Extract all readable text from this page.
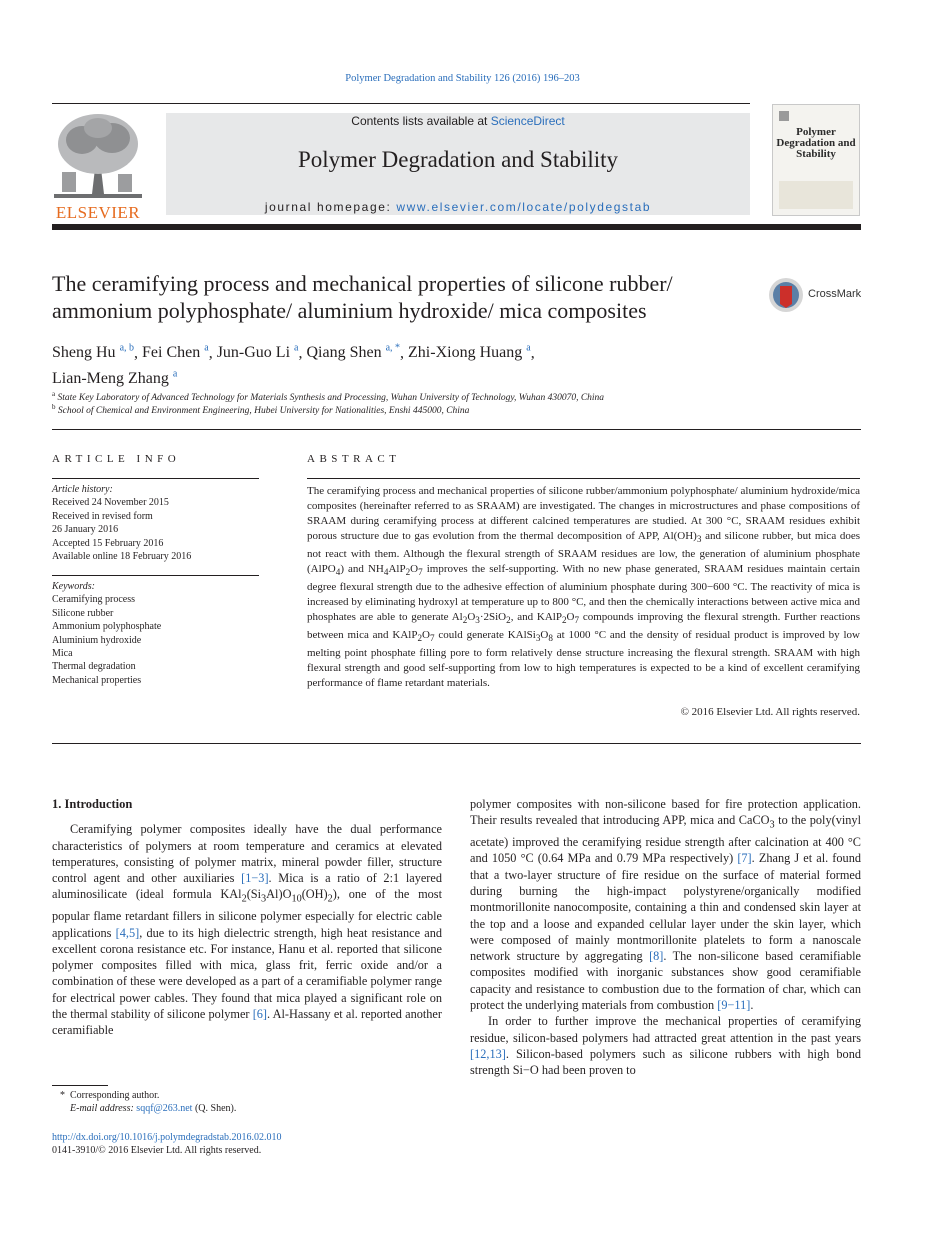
Polymer Degradation and Stability 126 (2016) 196–203
ELSEVIER
Contents lists available at ScienceDirect
Polymer Degradation and Stability
journal homepage: www.elsevier.com/locate/polydegstab
Polymer Degradation and Stability
The ceramifying process and mechanical properties of silicone rubber/
ammonium polyphosphate/ aluminium hydroxide/ mica composites
CrossMark
Sheng Hu $^{a, b}$, Fei Chen $^a$, Jun-Guo Li $^a$, Qiang Shen $^{a, *}$, Zhi-Xiong Huang $^a$,
Lian-Meng Zhang $^a$
$^a$ State Key Laboratory of Advanced Technology for Materials Synthesis and Processing, Wuhan University of Technology, Wuhan 430070, China
$^b$ School of Chemical and Environment Engineering, Hubei University for Nationalities, Enshi 445000, China
ARTICLE INFO
Article history:
Received 24 November 2015
Received in revised form
26 January 2016
Accepted 15 February 2016
Available online 18 February 2016
Keywords:
Ceramifying process
Silicone rubber
Ammonium polyphosphate
Aluminium hydroxide
Mica
Thermal degradation
Mechanical properties
ABSTRACT
The ceramifying process and mechanical properties of silicone rubber/ammonium polyphosphate/ aluminium hydroxide/mica composites (hereinafter referred to as SRAAM) are investigated. The changes in microstructures and phase compositions of SRAAM during ceramifying process at different calcined temperatures are studied. At 300 °C, SRAAM residues exhibit porous structure due to gas evolution from the thermal decomposition of APP, $Al(OH)_3$ and silicone rubber, but mica does not react with them. Although the flexural strength of SRAAM residues are low, the generation of aluminium phosphate (AlPO$_4$) and $NH_4AlP_2O_7$ improves the self-supporting. With no new phase generated, SRAAM residues maintain certain degree flexural strength due to the adhesive effection of aluminium phosphate during 300−600 °C. The reactivity of mica is increased by eliminating hydroxyl at temperature up to 800 °C, and then the chemically interactions between active mica and phosphates are able to generate $Al_2O_3\cdot 2SiO_2$, and $KAlP_2O_7$ compounds improving the flexural strength. Further reactions between mica and $KAlP_2O_7$ could generate $KAlSi_3O_8$ at 1000 °C and the density of residual product is improved by low melting point phosphate filling pore to form relatively dense structure increasing the flexural strength. SRAAM with high flexural strength and good self-supporting from low to high temperatures is expected to be a kind of excellent ceramifying performance of flame retardant materials.
© 2016 Elsevier Ltd. All rights reserved.
1. Introduction

Ceramifying polymer composites ideally have the dual performance characteristics of polymers at room temperature and ceramics at elevated temperatures, consisting of polymer matrix, mineral powder filler, structure control agent and other auxiliaries [1−3]. Mica is a ratio of 2:1 layered aluminosilicate (ideal formula $KAl_2(Si_3Al)O_{10}(OH)_2$), one of the most popular flame retardant fillers in silicone polymer especially for electric cable applications [4,5], due to its high dielectric strength, high heat resistance and excellent corona resistance etc. For instance, Hanu et al. reported that silicone polymer composites filled with mica, glass frit, ferric oxide and/or a combination of these were developed as a part of a ceramifiable polymer range for electrical power cables. They found that mica played a significant role on the thermal stability of silicone polymer [6]. Al-Hassany et al. reported another ceramifiable

polymer composites with non-silicone based for fire protection application. Their results revealed that introducing APP, mica and CaCO$_3$ to the poly(vinyl acetate) improved the ceramifying residue strength after calcination at 400 °C and 1050 °C (0.64 MPa and 0.79 MPa respectively) [7]. Zhang J et al. found that a two-layer structure of fire residue on the surface of material formed during burning the high-impact polystyrene/organically modified montmorillonite nanocomposite, containing a thin and condensed skin layer at the top and a loose and expanded cellular layer under the skin layer, which were composed of mainly montmorillonite platelets to form a nanoscale network structure by aggregating [8]. The non-silicone based ceramifiable composites modified with inorganic substances show good ceramifiable capacity and resistance to combustion due to the formation of char, which can protect the underlying materials from combustion [9−11].

In order to further improve the mechanical properties of ceramifying residue, silicon-based polymers had attracted great attention in the past years [12,13]. Silicon-based polymers such as silicone rubbers with high bond strength Si−O had been proven to

*  Corresponding author.
E-mail address: sqqf@263.net (Q. Shen).
http://dx.doi.org/10.1016/j.polymdegradstab.2016.02.010
0141-3910/© 2016 Elsevier Ltd. All rights reserved.
